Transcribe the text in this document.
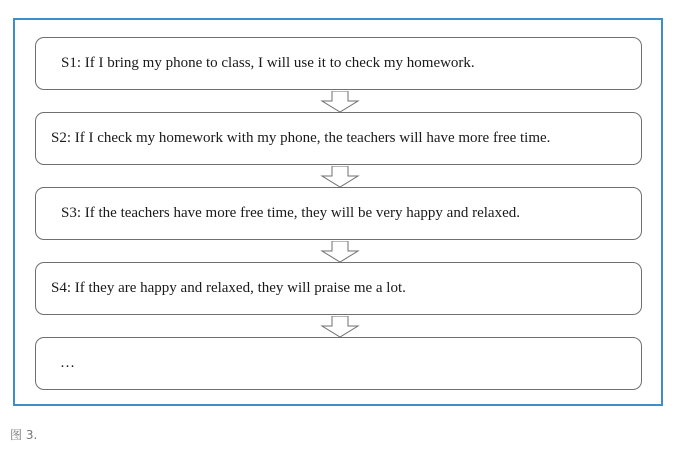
S1: If I bring my phone to class, I will use it to check my homework.
S2: If I check my homework with my phone, the teachers will have more free time.
S3: If the teachers have more free time, they will be very happy and relaxed.
S4: If they are happy and relaxed, they will praise me a lot.
…
图 3.
